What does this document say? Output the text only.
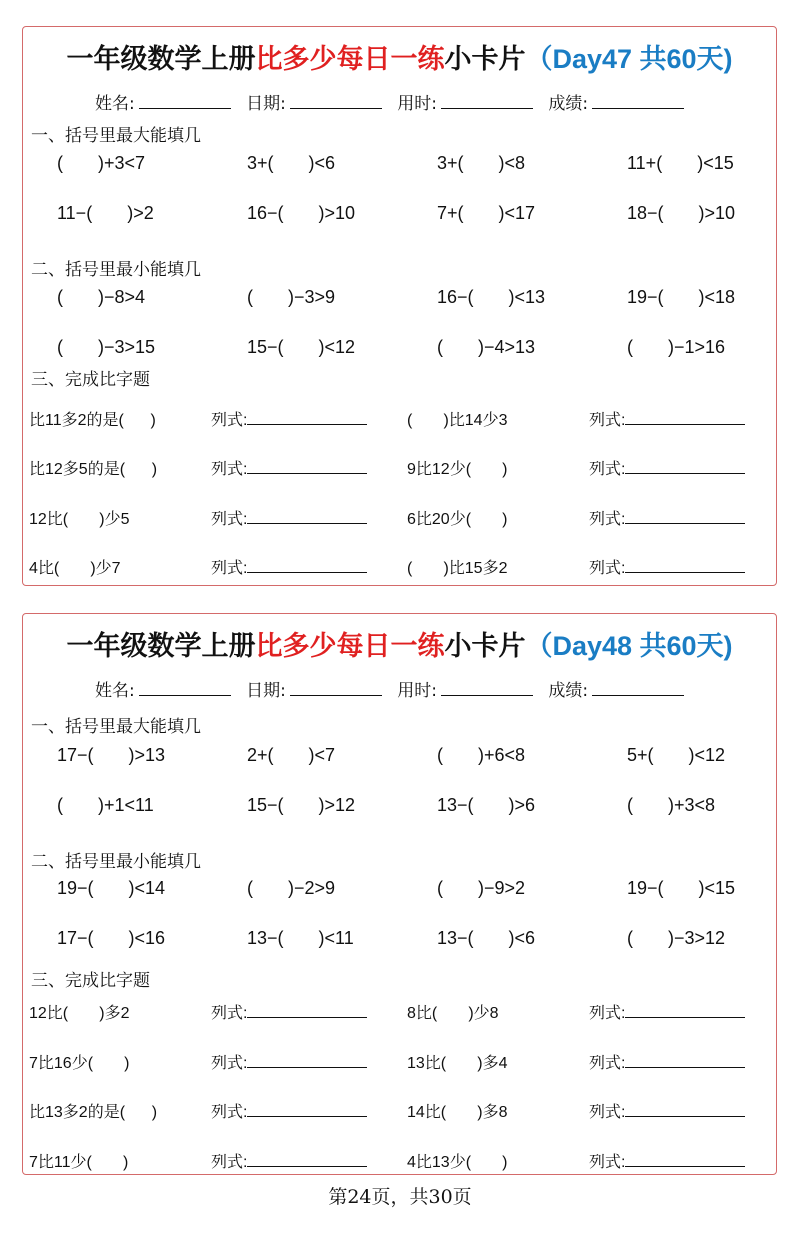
一年级数学上册比多少每日一练小卡片（Day47 共60天)
姓名:	日期:	用时:	成绩:
一、括号里最大能填几
(       )+3<7	3+(       )<6	3+(       )<8	11+(       )<15
11−(       )>2	16−(       )>10	7+(       )<17	18−(       )>10
二、括号里最小能填几
(       )−8>4	(       )−3>9	16−(       )<13	19−(       )<18
(       )−3>15	15−(       )<12	(       )−4>13	(       )−1>16
三、完成比字题
比11多2的是(      )	列式:	(       )比14少3	列式:
比12多5的是(      )	列式:	9比12少(       )	列式:
12比(       )少5	列式:	6比20少(       )	列式:
4比(       )少7	列式:	(       )比15多2	列式:
一年级数学上册比多少每日一练小卡片（Day48 共60天)
姓名:	日期:	用时:	成绩:
一、括号里最大能填几
17−(       )>13	2+(       )<7	(       )+6<8	5+(       )<12
(       )+1<11	15−(       )>12	13−(       )>6	(       )+3<8
二、括号里最小能填几
19−(       )<14	(       )−2>9	(       )−9>2	19−(       )<15
17−(       )<16	13−(       )<11	13−(       )<6	(       )−3>12
三、完成比字题
12比(       )多2	列式:	8比(       )少8	列式:
7比16少(       )	列式:	13比(       )多4	列式:
比13多2的是(      )	列式:	14比(       )多8	列式:
7比11少(       )	列式:	4比13少(       )	列式:
第24页，共30页
